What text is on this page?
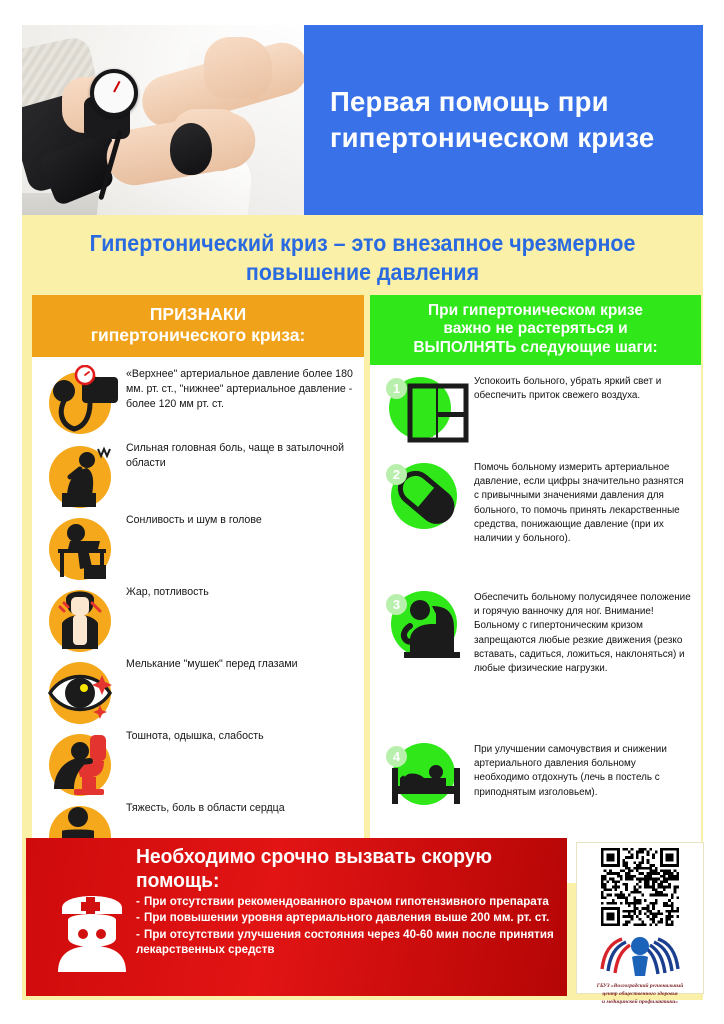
Первая помощь при гипертоническом кризе
Гипертонический криз – это внезапное чрезмерное
повышение давления
ПРИЗНАКИ
гипертонического криза:
«Верхнее" артериальное давление более 180 мм. рт. ст., "нижнее" артериальное давление - более 120 мм рт. ст.
Сильная головная боль, чаще в затылочной области
Сонливость и шум в голове
Жар, потливость
Мелькание "мушек" перед глазами
Тошнота, одышка, слабость
Тяжесть, боль в области сердца
При гипертоническом кризе
важно не растеряться и
ВЫПОЛНЯТЬ следующие шаги:
1	Успокоить больного, убрать яркий свет и обеспечить приток свежего воздуха.
2	Помочь больному измерить артериальное давление, если цифры значительно разнятся с привычными значениями давления для больного, то помочь принять лекарственные средства, понижающие давление (при их наличии у больного).
3	Обеспечить больному полусидячее положение и горячую ванночку для ног. Внимание! Больному с гипертоническим кризом запрещаются любые резкие движения (резко вставать, садиться, ложиться, наклоняться) и любые физические нагрузки.
4	При улучшении самочувствия и снижении артериального давления больному необходимо отдохнуть (лечь в постель с приподнятым изголовьем).
Необходимо срочно вызвать скорую
помощь:
- При отсутствии рекомендованного врачом гипотензивного препарата
- При повышении уровня артериального давления выше 200 мм. рт. ст.
- При отсутствии улучшения состояния через 40-60 мин после принятия лекарственных средств
ГБУЗ «Волгоградский региональный
центр общественного здоровья
и медицинской профилактики»
